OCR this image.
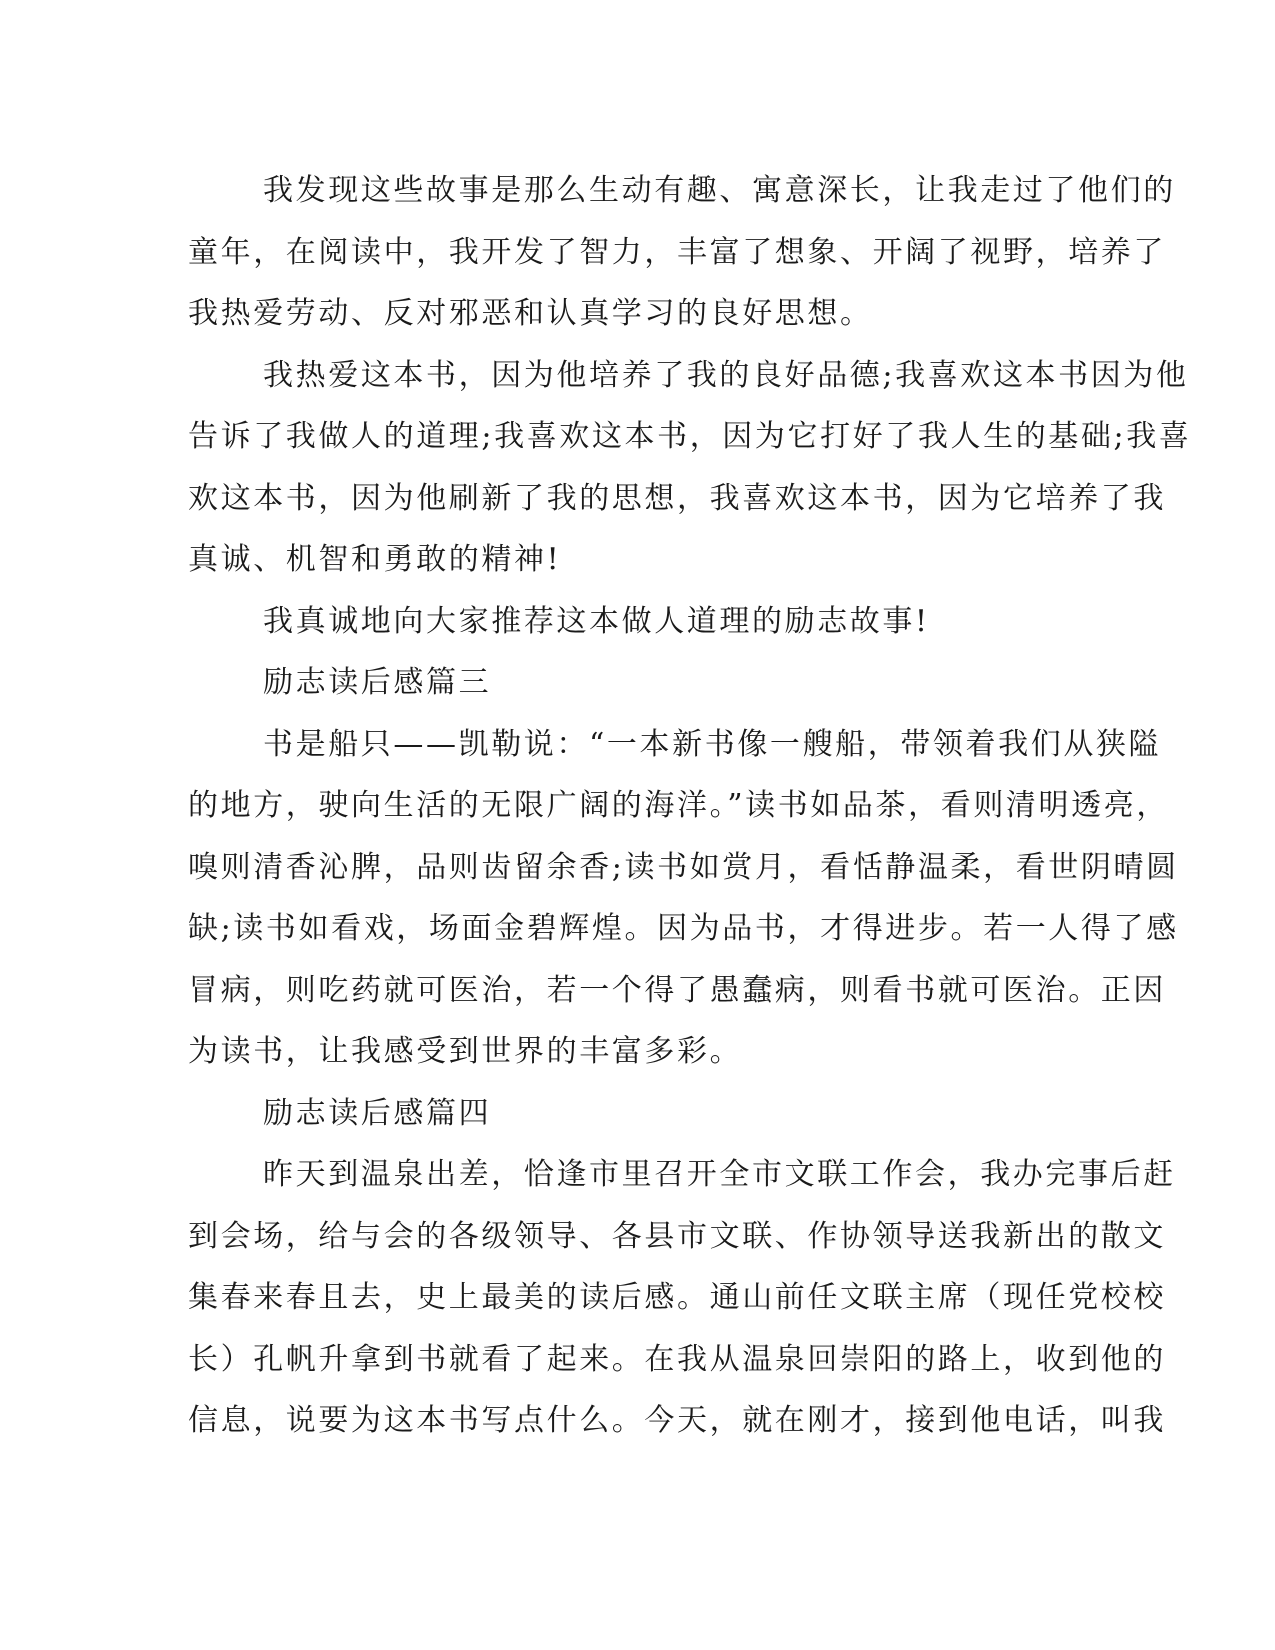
我发现这些故事是那么生动有趣、寓意深长，让我走过了他们的
童年，在阅读中，我开发了智力，丰富了想象、开阔了视野，培养了
我热爱劳动、反对邪恶和认真学习的良好思想。
我热爱这本书，因为他培养了我的良好品德;我喜欢这本书因为他
告诉了我做人的道理;我喜欢这本书，因为它打好了我人生的基础;我喜
欢这本书，因为他刷新了我的思想，我喜欢这本书，因为它培养了我
真诚、机智和勇敢的精神!
我真诚地向大家推荐这本做人道理的励志故事!
励志读后感篇三
书是船只——凯勒说：“一本新书像一艘船，带领着我们从狭隘
的地方，驶向生活的无限广阔的海洋。”读书如品茶，看则清明透亮，
嗅则清香沁脾，品则齿留余香;读书如赏月，看恬静温柔，看世阴晴圆
缺;读书如看戏，场面金碧辉煌。因为品书，才得进步。若一人得了感
冒病，则吃药就可医治，若一个得了愚蠢病，则看书就可医治。正因
为读书，让我感受到世界的丰富多彩。
励志读后感篇四
昨天到温泉出差，恰逢市里召开全市文联工作会，我办完事后赶
到会场，给与会的各级领导、各县市文联、作协领导送我新出的散文
集春来春且去，史上最美的读后感。通山前任文联主席（现任党校校
长）孔帆升拿到书就看了起来。在我从温泉回崇阳的路上，收到他的
信息，说要为这本书写点什么。今天，就在刚才，接到他电话，叫我
